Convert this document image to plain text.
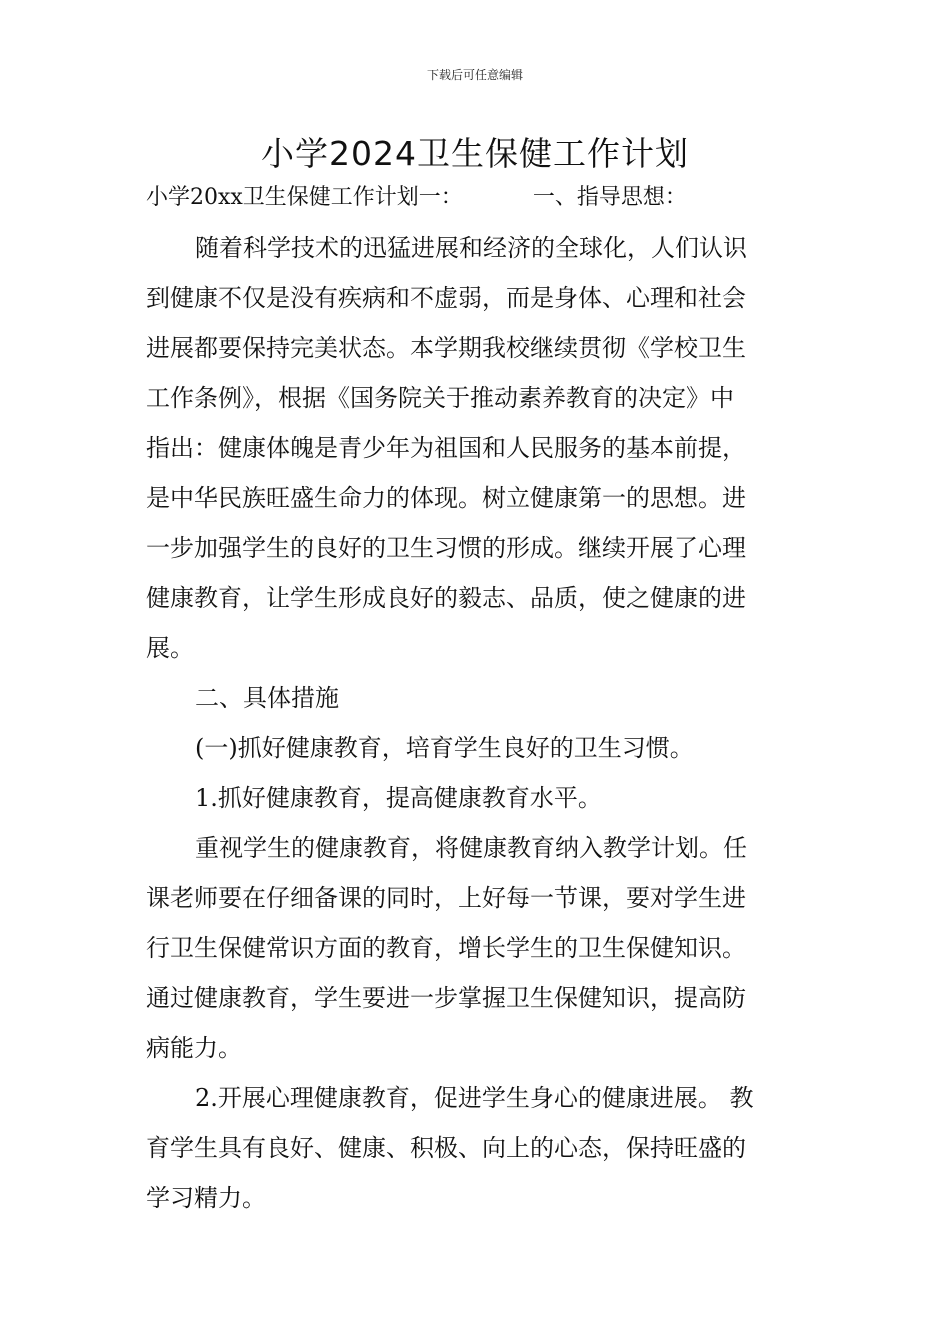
下载后可任意编辑
小学2024卫生保健工作计划
小学20xx卫生保健工作计划一：	一、指导思想：
随着科学技术的迅猛进展和经济的全球化，人们认识
到健康不仅是没有疾病和不虚弱，而是身体、心理和社会
进展都要保持完美状态。本学期我校继续贯彻《学校卫生
工作条例》，根据《国务院关于推动素养教育的决定》中
指出：健康体魄是青少年为祖国和人民服务的基本前提，
是中华民族旺盛生命力的体现。树立健康第一的思想。进
一步加强学生的良好的卫生习惯的形成。继续开展了心理
健康教育，让学生形成良好的毅志、品质，使之健康的进
展。
二、具体措施
(一)抓好健康教育，培育学生良好的卫生习惯。
1.抓好健康教育，提高健康教育水平。
重视学生的健康教育，将健康教育纳入教学计划。任
课老师要在仔细备课的同时，上好每一节课，要对学生进
行卫生保健常识方面的教育，增长学生的卫生保健知识。
通过健康教育，学生要进一步掌握卫生保健知识，提高防
病能力。
2.开展心理健康教育，促进学生身心的健康进展。 教
育学生具有良好、健康、积极、向上的心态，保持旺盛的
学习精力。
